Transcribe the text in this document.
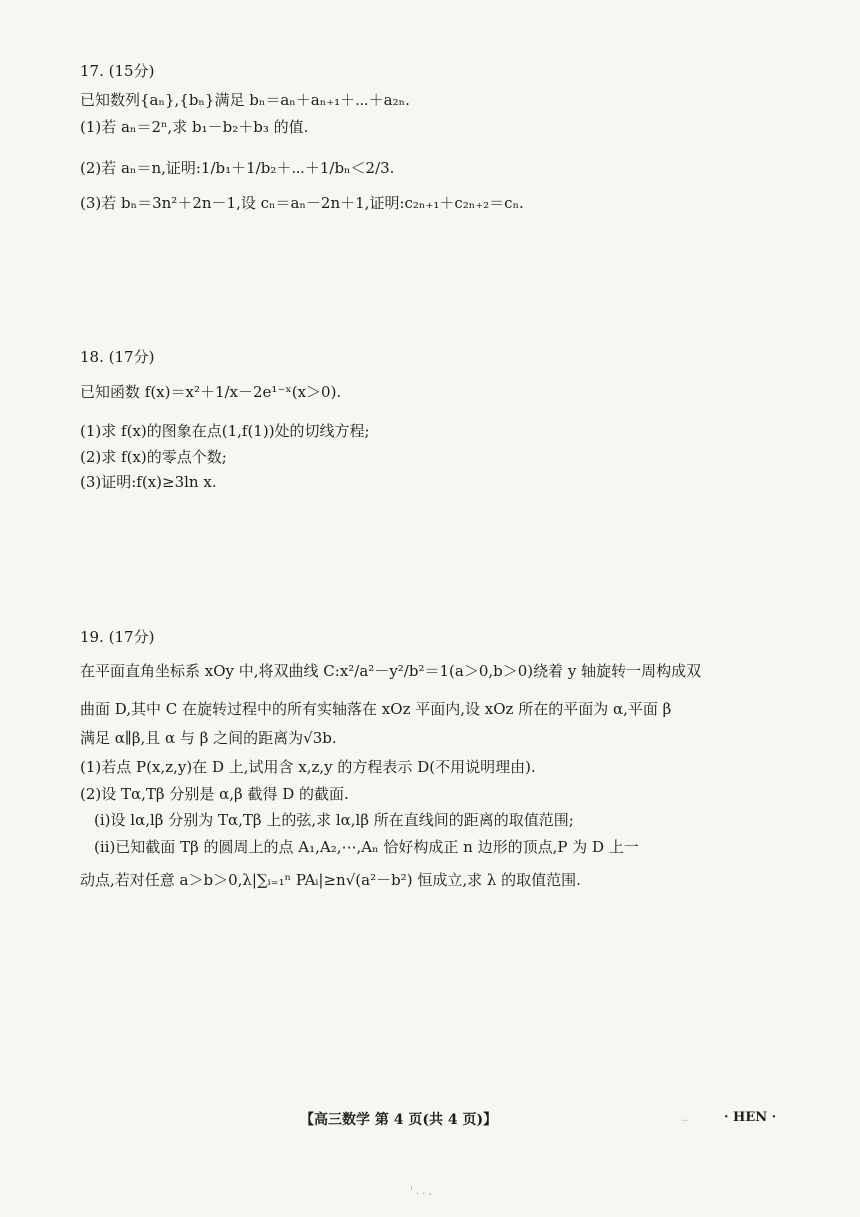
17. (15分)
已知数列{aₙ},{bₙ}满足 bₙ＝aₙ＋aₙ₊₁＋⋯＋a₂ₙ.
(1)若 aₙ＝2ⁿ,求 b₁－b₂＋b₃ 的值.
(2)若 aₙ＝n,证明:1/b₁＋1/b₂＋⋯＋1/bₙ＜2/3.
(3)若 bₙ＝3n²＋2n－1,设 cₙ＝aₙ－2n＋1,证明:c₂ₙ₊₁＋c₂ₙ₊₂＝cₙ.
18. (17分)
已知函数 f(x)＝x²＋1/x－2e¹⁻ˣ(x＞0).
(1)求 f(x)的图象在点(1,f(1))处的切线方程;
(2)求 f(x)的零点个数;
(3)证明:f(x)≥3ln x.
19. (17分)
在平面直角坐标系 xOy 中,将双曲线 C:x²/a²－y²/b²＝1(a＞0,b＞0)绕着 y 轴旋转一周构成双
曲面 D,其中 C 在旋转过程中的所有实轴落在 xOz 平面内,设 xOz 所在的平面为 α,平面 β
满足 α∥β,且 α 与 β 之间的距离为√3b.
(1)若点 P(x,z,y)在 D 上,试用含 x,z,y 的方程表示 D(不用说明理由).
(2)设 Tα,Tβ 分别是 α,β 截得 D 的截面.
(ⅰ)设 lα,lβ 分别为 Tα,Tβ 上的弦,求 lα,lβ 所在直线间的距离的取值范围;
(ⅱ)已知截面 Tβ 的圆周上的点 A₁,A₂,⋯,Aₙ 恰好构成正 n 边形的顶点,P 为 D 上一
动点,若对任意 a＞b＞0,λ|∑ᵢ₌₁ⁿ PAᵢ|≥n√(a²－b²) 恒成立,求 λ 的取值范围.
【高三数学 第 4 页(共 4 页)】	· HEN ·
..
' . . ,
